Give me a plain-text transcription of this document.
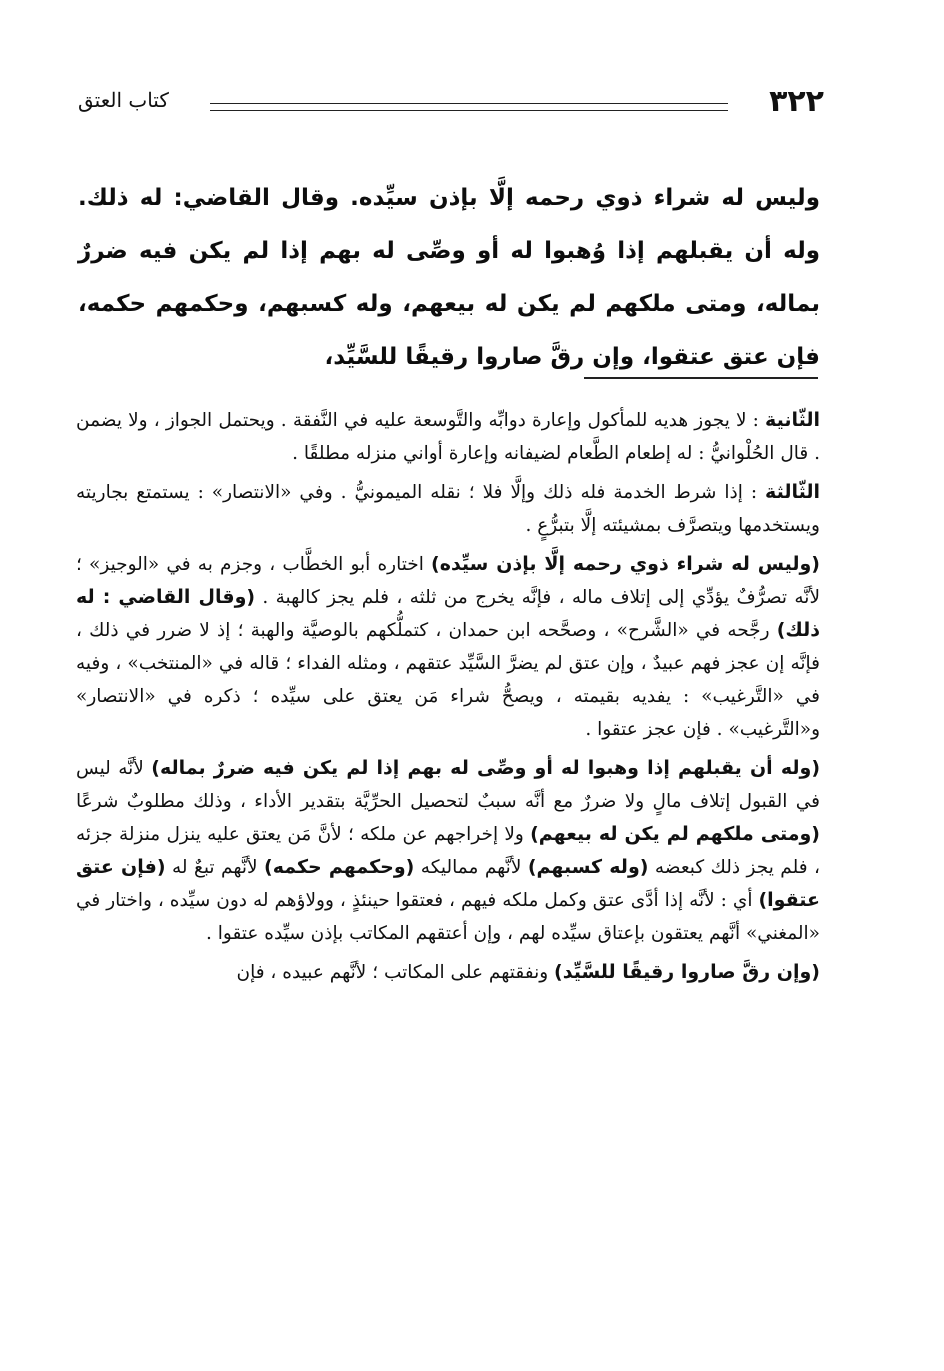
٣٢٢
كتاب العتق

وليس له شراء ذوي رحمه إلَّا بإذن سيِّده. وقال القاضي: له ذلك. وله أن يقبلهم إذا وُهبوا له أو وصِّى له بهم إذا لم يكن فيه ضررٌ بماله، ومتى ملكهم لم يكن له بيعهم، وله كسبهم، وحكمهم حكمه، فإن عتق عتقوا، وإن رقَّ صاروا رقيقًا للسَّيِّد،

الثّانية : لا يجوز هديه للمأكول وإعارة دوابِّه والتَّوسعة عليه في النَّفقة . ويحتمل الجواز ، ولا يضمن . قال الحُلْوانيُّ : له إطعام الطَّعام لضيفانه وإعارة أواني منزله مطلقًا .

الثّالثة : إذا شرط الخدمة فله ذلك وإلَّا فلا ؛ نقله الميمونيُّ . وفي «الانتصار» : يستمتع بجاريته ويستخدمها ويتصرَّف بمشيئته إلَّا بتبرُّعٍ .

(وليس له شراء ذوي رحمه إلَّا بإذن سيِّده) اختاره أبو الخطَّاب ، وجزم به في «الوجيز» ؛ لأنَّه تصرُّفٌ يؤدِّي إلى إتلاف ماله ، فإنَّه يخرج من ثلثه ، فلم يجز كالهبة . (وقال القاضي : له ذلك) رجَّحه في «الشَّرح» ، وصحَّحه ابن حمدان ، كتملُّكهم بالوصيَّة والهبة ؛ إذ لا ضرر في ذلك ، فإنَّه إن عجز فهم عبيدٌ ، وإن عتق لم يضرَّ السَّيِّد عتقهم ، ومثله الفداء ؛ قاله في «المنتخب» ، وفيه في «التَّرغيب» : يفديه بقيمته ، ويصحُّ شراء مَن يعتق على سيِّده ؛ ذكره في «الانتصار» و«التَّرغيب» . فإن عجز عتقوا .

(وله أن يقبلهم إذا وهبوا له أو وصِّى له بهم إذا لم يكن فيه ضررٌ بماله) لأنَّه ليس في القبول إتلاف مالٍ ولا ضررٌ مع أنَّه سببٌ لتحصيل الحرِّيَّة بتقدير الأداء ، وذلك مطلوبٌ شرعًا (ومتى ملكهم لم يكن له بيعهم) ولا إخراجهم عن ملكه ؛ لأنَّ مَن يعتق عليه ينزل منزلة جزئه ، فلم يجز ذلك كبعضه (وله كسبهم) لأنَّهم مماليكه (وحكمهم حكمه) لأنَّهم تبعٌ له (فإن عتق عتقوا) أي : لأنَّه إذا أدَّى عتق وكمل ملكه فيهم ، فعتقوا حينئذٍ ، وولاؤهم له دون سيِّده ، واختار في «المغني» أنَّهم يعتقون بإعتاق سيِّده لهم ، وإن أعتقهم المكاتب بإذن سيِّده عتقوا .

(وإن رقَّ صاروا رقيقًا للسَّيِّد) ونفقتهم على المكاتب ؛ لأنَّهم عبيده ، فإن
